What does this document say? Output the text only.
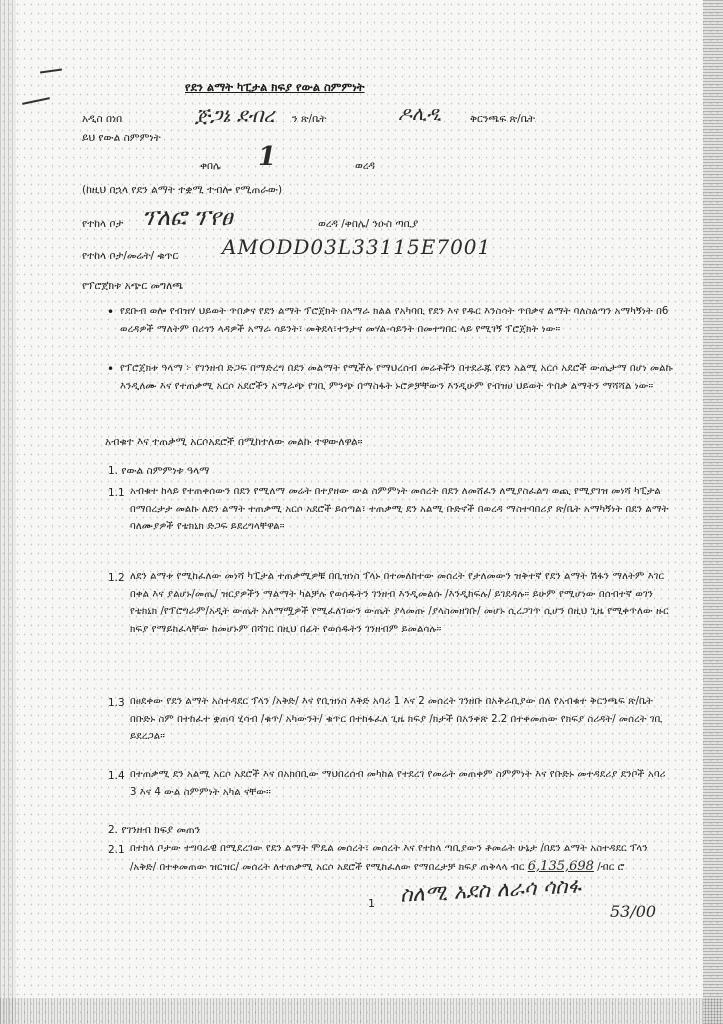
የደን ልማት ካፒታል ክፍያ የውል ስምምነት
አዲስ በነበ	ጅጋኔ ደብረ ን ጽ/ቤት	ዶሊዲ	ቅርንጫፍ ጽ/ቤት
ይህ የውል ስምምነት
ቀበሌ 1	ወረዳ
(ከዚህ በኋላ የደን ልማት ተቋሚ ተብሎ የሚጠራው)
የተከላ ቦታ ፕለፎ ፕየፀ	ወረዳ /ቀበሌ/ ንዑስ ጣቢያ
የተከላ ቦታ/መሬት/ ቁጥር AMODD03L33115E7001
የፕሮጀክቱ አጭር መግለጫ
• የደቡብ ወሎ የብዝሃ ህይወት ጥበቃና የደን ልማት ፕሮጀክት በአማራ ክልል የአካባቢ የደን እና የዱር እንስሳት ጥበቃና ልማት ባለስልጣን አማካኝነት በ6 ወረዳዎች ማለትም በሪጎን ላዳዎች አማራ ሳይንት፣ መቅደላ፣ተንታና መሃል-ሳይንት በመተግበር ላይ የሚገኝ ፕሮጀክት ነው።
• የፕሮጀክቱ ዓላማ ፦ የገንዘብ ድጋፍ በማድረግ በደን መልማት የሚችሉ የማህረሰብ መሬቶችን በተደራጁ የደን አልሚ አርሶ አደሮች ውጤታማ በሆነ መልኩ እንዲለሙ እና የተጠቃሚ አርሶ አደሮችን አማራጭ የገቢ ምንጭ በማስፋት ኑሮዎቻቸውን እንዲሁም የብዝሀ ህይወት ጥበቃ ልማትን ማሻሻል ነው።
አብቁተ እና ተጠቃሚ አርሶአደሮች በሚከተለው መልኩ ተዋውለዋል።
1. የውል ስምምነቱ ዓላማ
1.1 አብቁተ ከላይ የተጠቀሰውን በደን የሚለማ መሬት በተያዘው ውል ስምምነት መሰረት በደን ለመሸፈን ለሚያስፈልግ ወጪ የሚያገዝ መነሻ ካፒታል በማበረታታ መልኩ ለደን ልማት ተጠቃሚ አርሶ አደሮች ይሰጣል፣ ተጠቃሚ ደን አልሚ ቡድኖች በወረዳ ማስተባበሪያ ጽ/ቤት አማካኝነት በደን ልማት ባለሙያዎች የቴክኒክ ድጋፍ ይደረግላቸዋል።
1.2 ለደን ልማቱ የሚከፈለው መነሻ ካፒታል ተጠቃሚዎቹ በቢዝነስ ፕላኑ በተመለከተው መሰረት የታለመውን ዝቅተኛ የደን ልማት ሽፋን ማለትም እገር በቀል እና ያልሆኑ/መጤ/ ዝርያዎችን ማልማት ካልቻሉ የወሰዱትን ገንዘብ እንዲመልሱ /እንዲከፍሉ/ ይገደዳሉ። ይሁም የሚሆነው በሰብተኛ ወገን የቴክኒክ /የፕሮግራም/አዲት ውጤት አለማሟዎች የሚፈለገውን ውጤት ያላመጡ /ያላስመዘገቡ/ መሆኑ ሲረጋገጥ ሲሆን በዚህ ጊዜ የሚቀጥለው ዙር ክፍያ የማይከፈላቸው ከመሆኑም በሻገር በዚህ በፊት የወሰዱትን ገንዘብም ይመልሳሉ።
1.3 በፀደቀው የደን ልማት አስተዳደር ፕላን /አቅድ/ እና የቢዝነስ እቅድ አባሪ 1 እና 2 መሰረት ገንዘቡ በአቅራቢያው በለ የአብቁተ ቅርንጫፍ ጽ/ቤት በቡድኑ ስም በተከፈተ ቋጠባ ሂሳብ /ቁጥ/ አካውንት/ ቁጥር በተከፋፈለ ጊዜ ክፍያ /ክታች በአንቀጽ 2.2 በተቀመጠው የክፍያ ስሪዳት/ መሰረት ገቢ ይደረጋል።
1.4 በተጠቃሚ ደን አልሚ አርሶ አደሮች እና በአክበቢው ማህበረሰብ መካከል የተደረገ የመሬት መጠቀም ስምምነት እና የቡድኑ መተዳደሪያ ደንቦች አባሪ 3 እና 4 ውል ስምምነት አካል ናቸው።
2. የገንዘብ ክፍያ መጠን
2.1 በተከላ ቦታው ተግባራዊ በሚደረገው የደን ልማት ሞዴል መሰረት፣ መሰረት እና የተከላ ጣቢያውን ቶመሬት ሁኔታ /በደን ልማት አስተዳደር ፕላን /አቅድ/ በተቀመጠው ዝርዝር/ መሰረት ለተጠቃሚ አርሶ አደሮች የሚከፈለው የማበረታቻ ክፍያ ጠቅላላ ብር 6,135,698 /ብር ሮ
ስለሚ አደስ ለራሳ ሳስፋ
53/00
1
